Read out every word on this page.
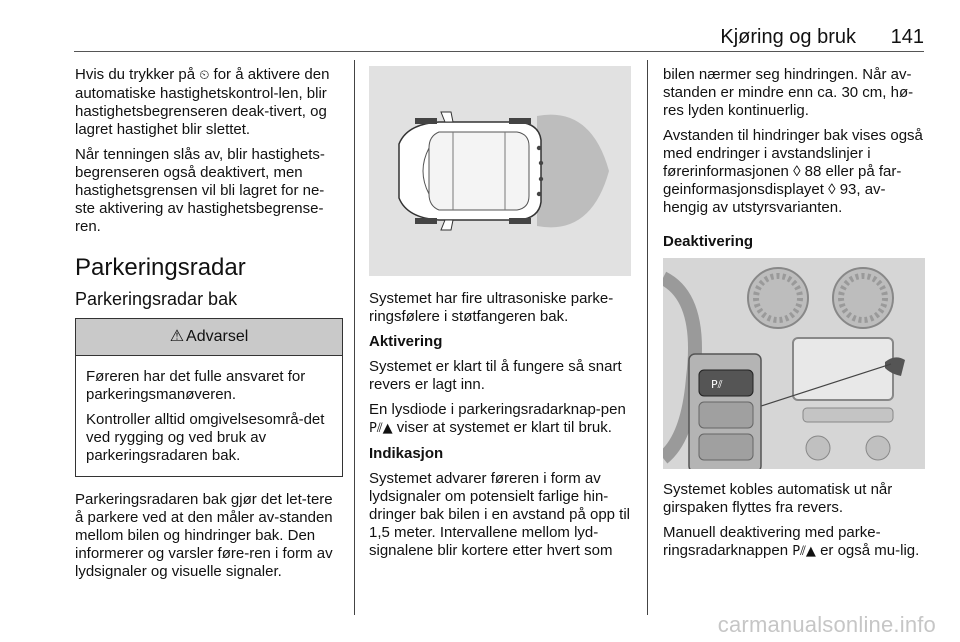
Kjøring og bruk 141

Hvis du trykker på ⏲ for å aktivere den automatiske hastighetskontrol-len, blir hastighetsbegrenseren deak-tivert, og lagret hastighet blir slettet.

Når tenningen slås av, blir hastighets-begrenseren også deaktivert, men hastighetsgrensen vil bli lagret for ne-ste aktivering av hastighetsbegrense-ren.

Parkeringsradar
Parkeringsradar bak
⚠ Advarsel

Føreren har det fulle ansvaret for parkeringsmanøveren.

Kontroller alltid omgivelsesområ-det ved rygging og ved bruk av parkeringsradaren bak.

Parkeringsradaren bak gjør det let-tere å parkere ved at den måler av-standen mellom bilen og hindringer bak. Den informerer og varsler føre-ren i form av lydsignaler og visuelle signaler.

Systemet har fire ultrasoniske parke-ringsfølere i støtfangeren bak.

Aktivering

Systemet er klart til å fungere så snart revers er lagt inn.

En lysdiode i parkeringsradarknap-pen P⫽▲ viser at systemet er klart til bruk.

Indikasjon

Systemet advarer føreren i form av lydsignaler om potensielt farlige hin-dringer bak bilen i en avstand på opp til 1,5 meter. Intervallene mellom lyd-signalene blir kortere etter hvert som

bilen nærmer seg hindringen. Når av-standen er mindre enn ca. 30 cm, hø-res lyden kontinuerlig.

Avstanden til hindringer bak vises også med endringer i avstandslinjer i førerinformasjonen ◊ 88 eller på far-geinformasjonsdisplayet ◊ 93, av-hengig av utstyrsvarianten.

Deaktivering

P⫽

Systemet kobles automatisk ut når girspaken flyttes fra revers.

Manuell deaktivering med parke-ringsradarknappen P⫽▲ er også mu-lig.

carmanualsonline.info
